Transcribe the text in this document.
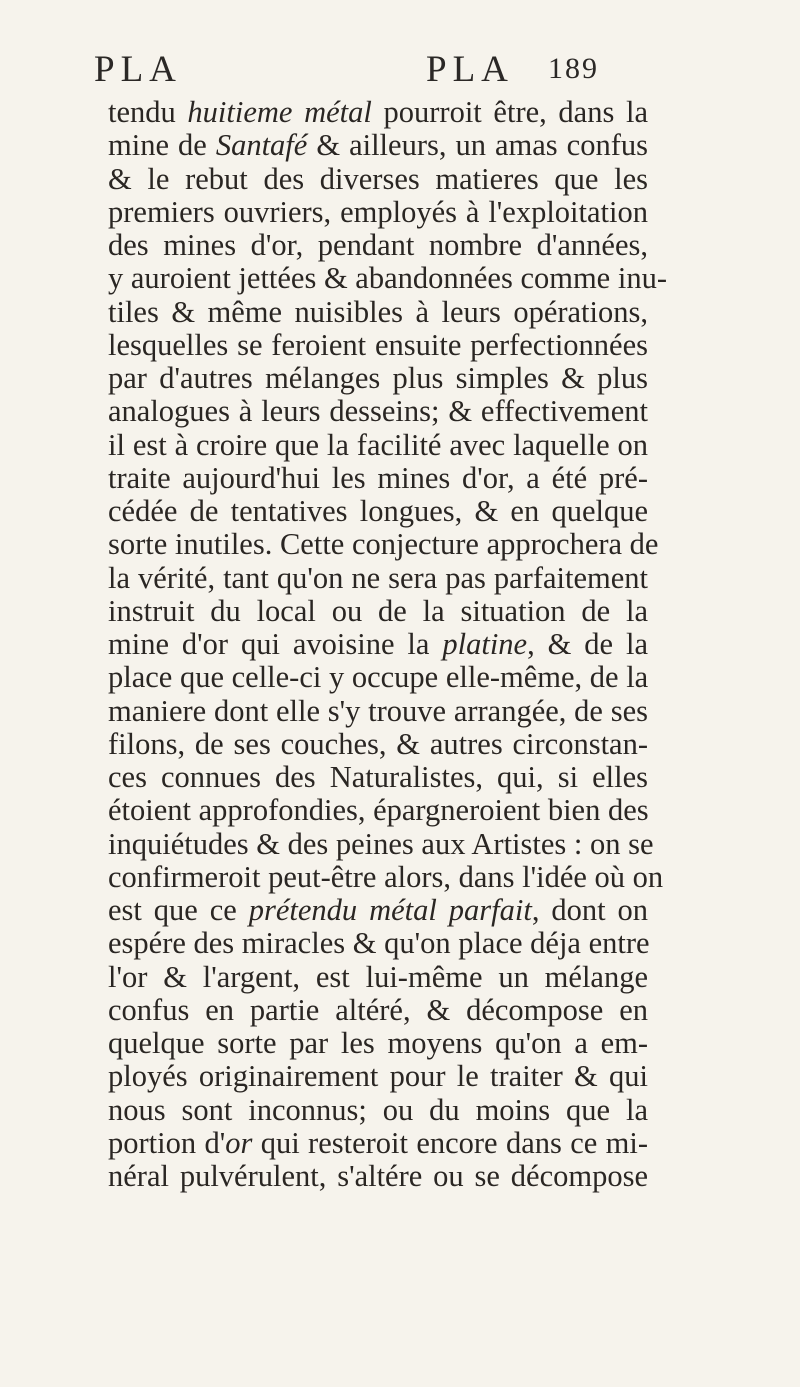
PLA	PLA 189
tendu huitieme métal pourroit être, dans la
mine de Santafé & ailleurs, un amas confus
& le rebut des diverses matieres que les
premiers ouvriers, employés à l'exploitation
des mines d'or, pendant nombre d'années,
y auroient jettées & abandonnées comme inu-
tiles & même nuisibles à leurs opérations,
lesquelles se feroient ensuite perfectionnées
par d'autres mélanges plus simples & plus
analogues à leurs desseins; & effectivement
il est à croire que la facilité avec laquelle on
traite aujourd'hui les mines d'or, a été pré-
cédée de tentatives longues, & en quelque
sorte inutiles. Cette conjecture approchera de
la vérité, tant qu'on ne sera pas parfaitement
instruit du local ou de la situation de la
mine d'or qui avoisine la platine, & de la
place que celle-ci y occupe elle-même, de la
maniere dont elle s'y trouve arrangée, de ses
filons, de ses couches, & autres circonstan-
ces connues des Naturalistes, qui, si elles
étoient approfondies, épargneroient bien des
inquiétudes & des peines aux Artistes : on se
confirmeroit peut-être alors, dans l'idée où on
est que ce prétendu métal parfait, dont on
espére des miracles & qu'on place déja entre
l'or & l'argent, est lui-même un mélange
confus en partie altéré, & décompose en
quelque sorte par les moyens qu'on a em-
ployés originairement pour le traiter & qui
nous sont inconnus; ou du moins que la
portion d'or qui resteroit encore dans ce mi-
néral pulvérulent, s'altére ou se décompose
